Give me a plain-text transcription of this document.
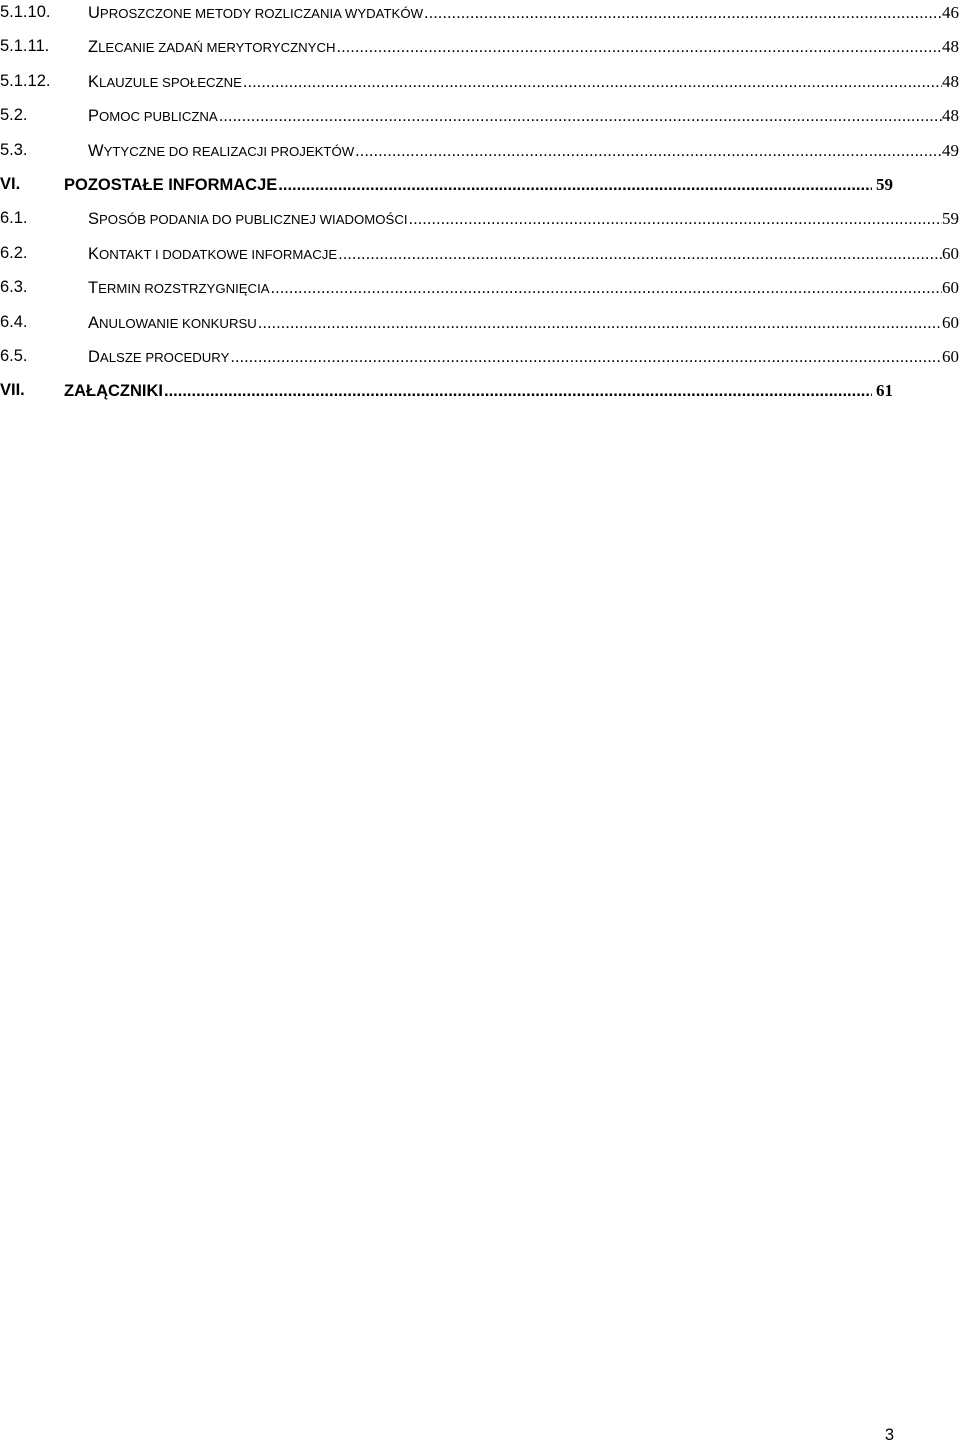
5.1.10. UPROSZCZONE METODY ROZLICZANIA WYDATKÓW .....	46
5.1.11. ZLECANIE ZADAŃ MERYTORYCZNYCH .....	48
5.1.12. KLAUZULE SPOŁECZNE .....	48
5.2.	POMOC PUBLICZNA .....	48
5.3.	WYTYCZNE DO REALIZACJI PROJEKTÓW .....	49
VI.	POZOSTAŁE INFORMACJE .....	59
6.1.	SPOSÓB PODANIA DO PUBLICZNEJ WIADOMOŚCI .....	59
6.2.	KONTAKT I DODATKOWE INFORMACJE .....	60
6.3.	TERMIN ROZSTRZYGNIĘCIA .....	60
6.4.	ANULOWANIE KONKURSU .....	60
6.5.	DALSZE PROCEDURY .....	60
VII. ZAŁĄCZNIKI .....	61
3
